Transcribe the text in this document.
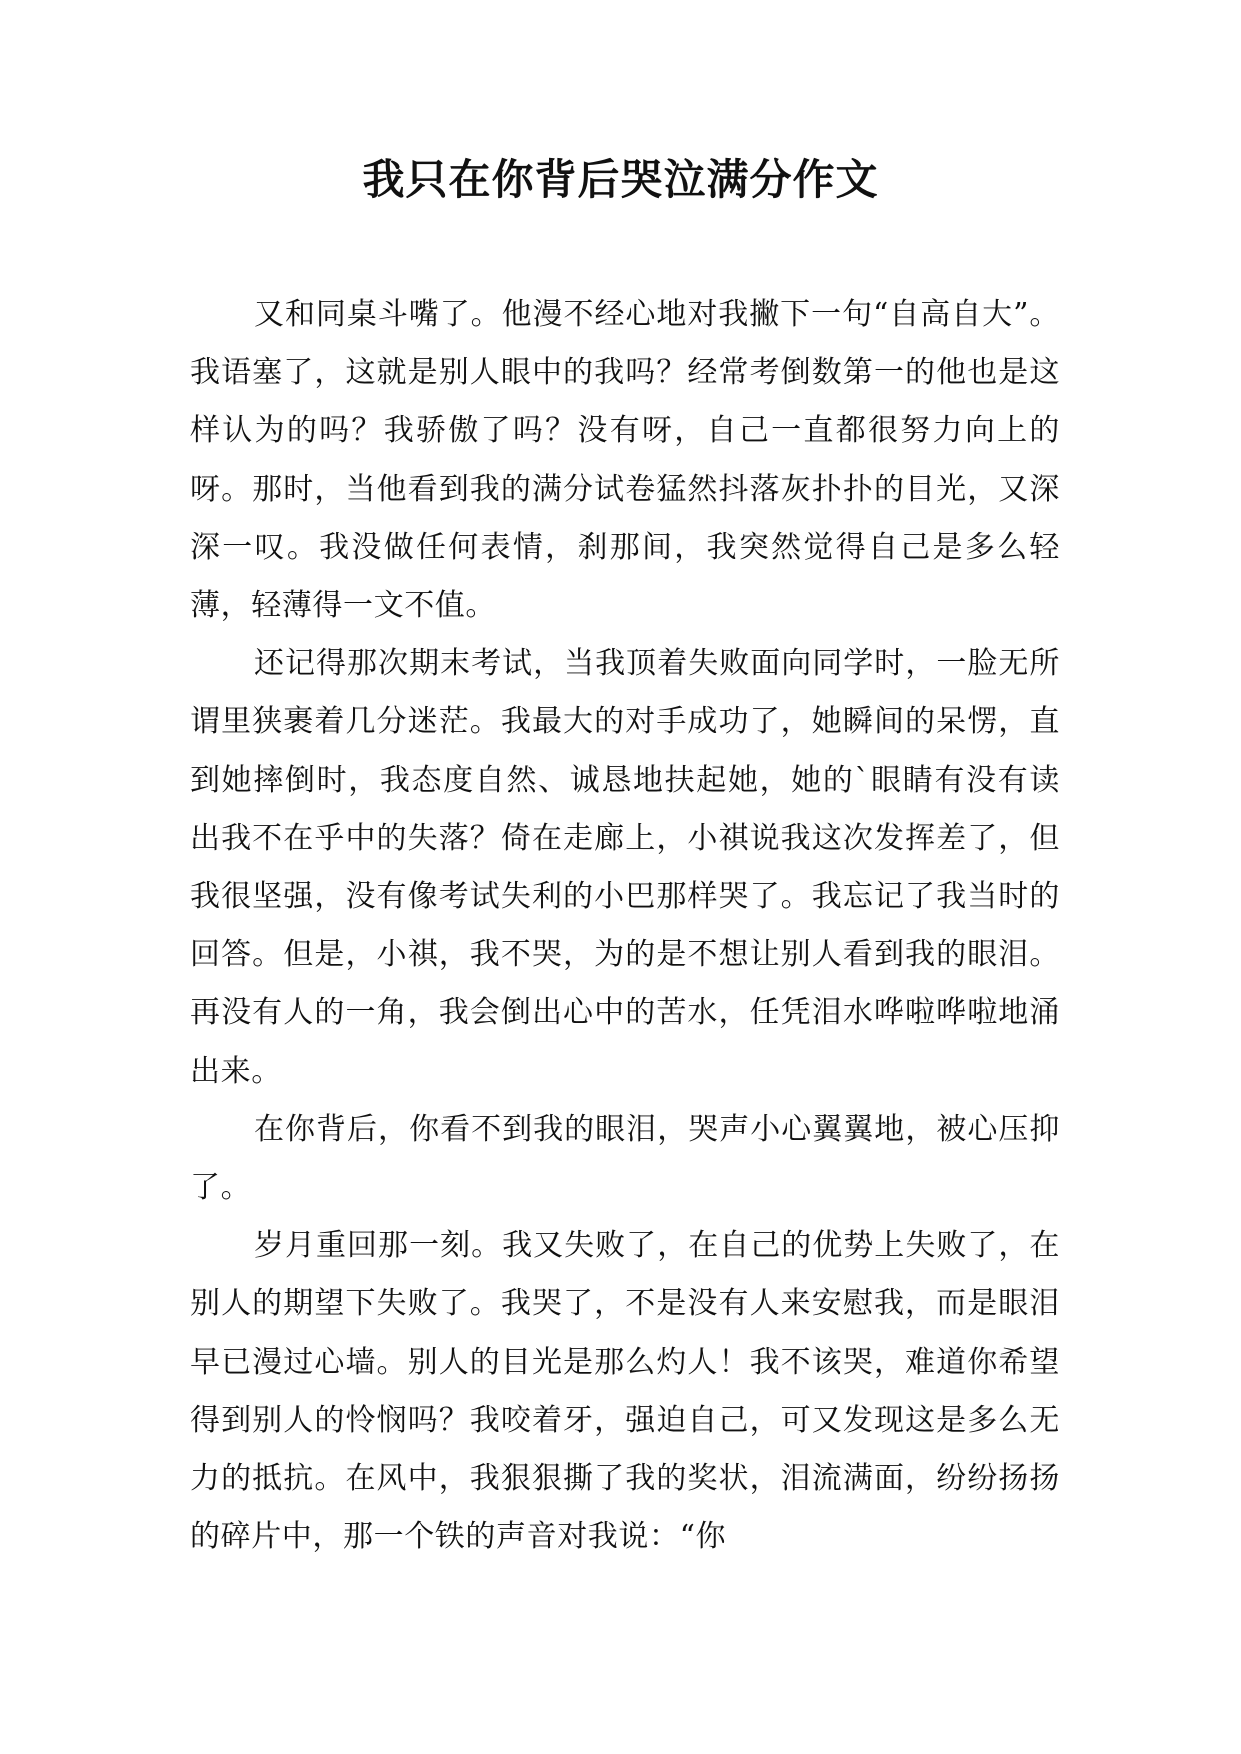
我只在你背后哭泣满分作文

又和同桌斗嘴了。他漫不经心地对我撇下一句“自高自大”。我语塞了，这就是别人眼中的我吗？经常考倒数第一的他也是这样认为的吗？我骄傲了吗？没有呀，自己一直都很努力向上的呀。那时，当他看到我的满分试卷猛然抖落灰扑扑的目光，又深深一叹。我没做任何表情，刹那间，我突然觉得自己是多么轻薄，轻薄得一文不值。

还记得那次期末考试，当我顶着失败面向同学时，一脸无所谓里狭裹着几分迷茫。我最大的对手成功了，她瞬间的呆愣，直到她摔倒时，我态度自然、诚恳地扶起她，她的`眼睛有没有读出我不在乎中的失落？倚在走廊上，小祺说我这次发挥差了，但我很坚强，没有像考试失利的小巴那样哭了。我忘记了我当时的回答。但是，小祺，我不哭，为的是不想让别人看到我的眼泪。再没有人的一角，我会倒出心中的苦水，任凭泪水哗啦哗啦地涌出来。

在你背后，你看不到我的眼泪，哭声小心翼翼地，被心压抑了。

岁月重回那一刻。我又失败了，在自己的优势上失败了，在别人的期望下失败了。我哭了，不是没有人来安慰我，而是眼泪早已漫过心墙。别人的目光是那么灼人！我不该哭，难道你希望得到别人的怜悯吗？我咬着牙，强迫自己，可又发现这是多么无力的抵抗。在风中，我狠狠撕了我的奖状，泪流满面，纷纷扬扬的碎片中，那一个铁的声音对我说：“你
